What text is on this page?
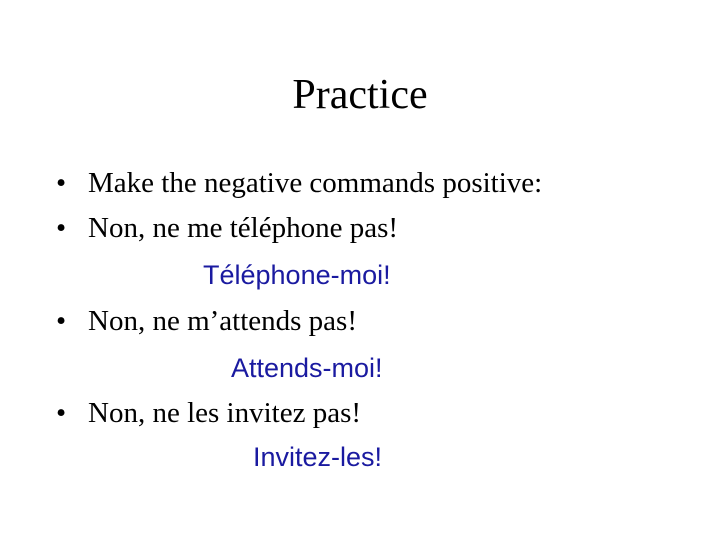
Practice
• Make the negative commands positive:
• Non, ne me téléphone pas!
Téléphone-moi!
• Non, ne m’attends pas!
Attends-moi!
• Non, ne les invitez pas!
Invitez-les!
